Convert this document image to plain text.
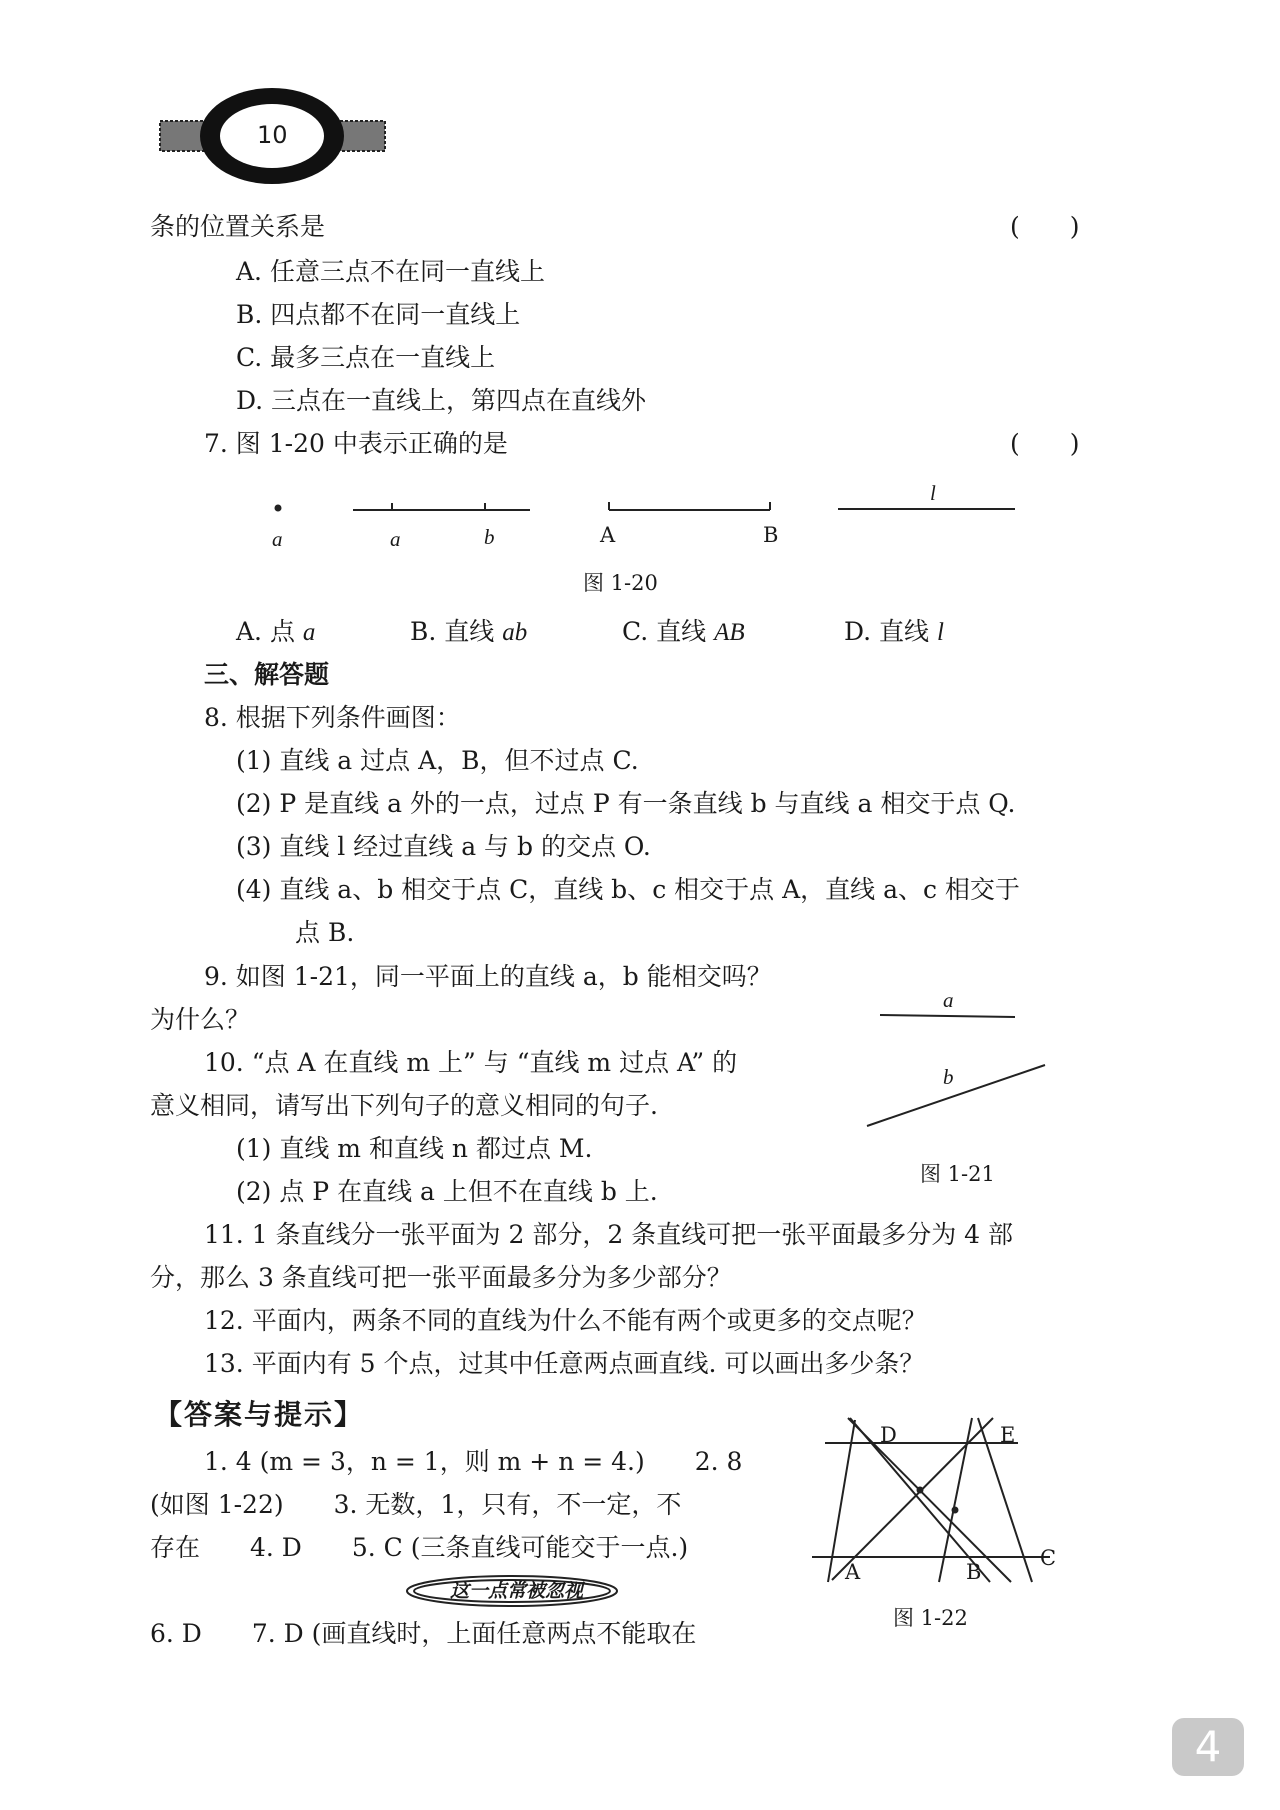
10
条的位置关系是	(　　)
A. 任意三点不在同一直线上
B. 四点都不在同一直线上
C. 最多三点在一直线上
D. 三点在一直线上，第四点在直线外
7. 图 1-20 中表示正确的是	(　　)
a	a	b	A	B
l
图 1-20
A. 点 a	B. 直线 ab	C. 直线 AB	D. 直线 l
三、解答题
8. 根据下列条件画图：
(1) 直线 a 过点 A，B，但不过点 C.
(2) P 是直线 a 外的一点，过点 P 有一条直线 b 与直线 a 相交于点 Q.
(3) 直线 l 经过直线 a 与 b 的交点 O.
(4) 直线 a、b 相交于点 C，直线 b、c 相交于点 A，直线 a、c 相交于
点 B.
9. 如图 1-21，同一平面上的直线 a，b 能相交吗？
为什么？
a
b
图 1-21
10. “点 A 在直线 m 上” 与 “直线 m 过点 A” 的
意义相同，请写出下列句子的意义相同的句子.
(1) 直线 m 和直线 n 都过点 M.
(2) 点 P 在直线 a 上但不在直线 b 上.
11. 1 条直线分一张平面为 2 部分，2 条直线可把一张平面最多分为 4 部
分，那么 3 条直线可把一张平面最多分为多少部分？
12. 平面内，两条不同的直线为什么不能有两个或更多的交点呢？
13. 平面内有 5 个点，过其中任意两点画直线. 可以画出多少条？
【答案与提示】
1. 4 (m = 3，n = 1，则 m + n = 4.)　　2. 8
(如图 1-22)　　3. 无数，1，只有，不一定，不
存在　　4. D　　5. C (三条直线可能交于一点.)
这一点常被忽视
6. D　　7. D (画直线时，上面任意两点不能取在
D	E
A	B
C
图 1-22
4
